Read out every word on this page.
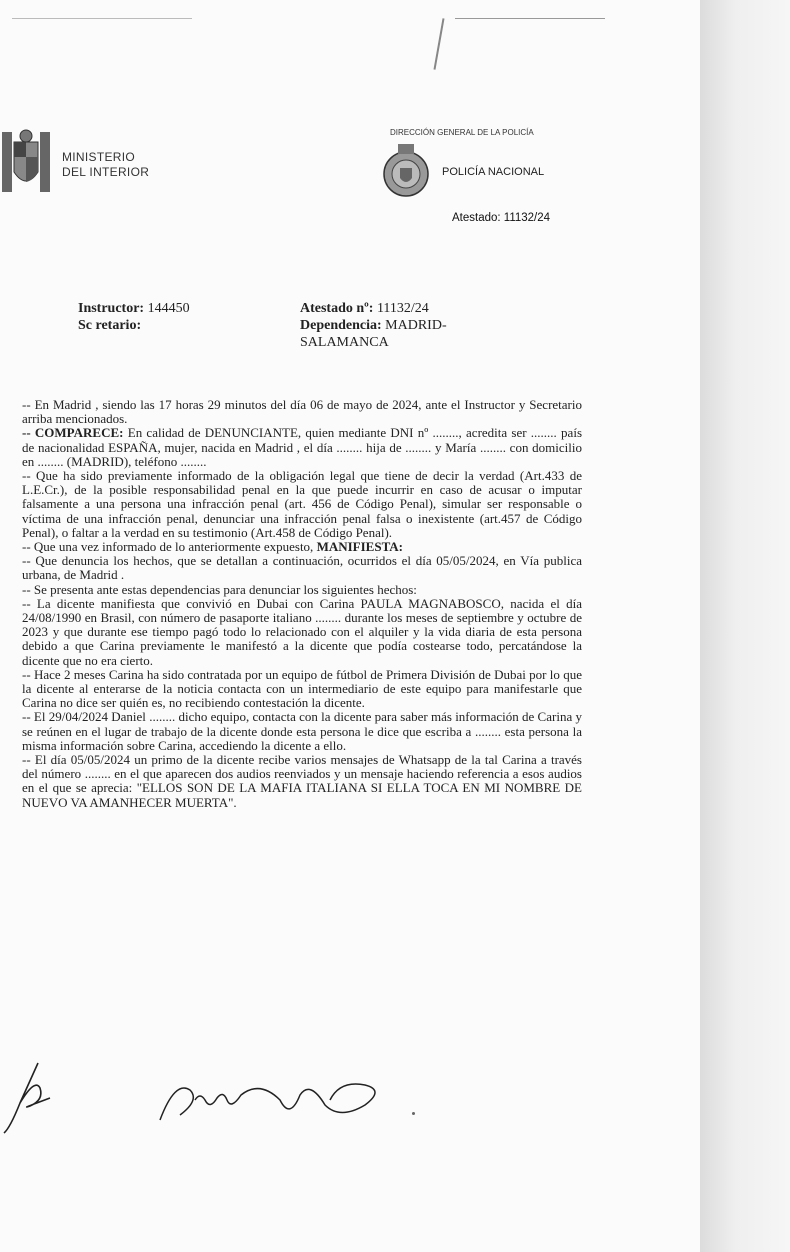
MINISTERIO
DEL INTERIOR
DIRECCIÓN GENERAL DE LA POLICÍA
POLICÍA NACIONAL
Atestado: 11132/24
Instructor: 144450
Sc retario:
Atestado nº: 11132/24
Dependencia: MADRID-SALAMANCA

-- En Madrid , siendo las 17 horas 29 minutos del día 06 de mayo de 2024, ante el Instructor y Secretario arriba mencionados.

-- COMPARECE: En calidad de DENUNCIANTE, quien mediante DNI nº ........, acredita ser ........ país de nacionalidad ESPAÑA, mujer, nacida en Madrid , el día ........ hija de ........ y María ........ con domicilio en ........ (MADRID), teléfono ........

-- Que ha sido previamente informado de la obligación legal que tiene de decir la verdad (Art.433 de L.E.Cr.), de la posible responsabilidad penal en la que puede incurrir en caso de acusar o imputar falsamente a una persona una infracción penal (art. 456 de Código Penal), simular ser responsable o víctima de una infracción penal, denunciar una infracción penal falsa o inexistente (art.457 de Código Penal), o faltar a la verdad en su testimonio (Art.458 de Código Penal).

-- Que una vez informado de lo anteriormente expuesto, MANIFIESTA:

-- Que denuncia los hechos, que se detallan a continuación, ocurridos el día 05/05/2024, en Vía publica urbana, de Madrid .

-- Se presenta ante estas dependencias para denunciar los siguientes hechos:

-- La dicente manifiesta que convivió en Dubai con Carina PAULA MAGNABOSCO, nacida el día 24/08/1990 en Brasil, con número de pasaporte italiano ........ durante los meses de septiembre y octubre de 2023 y que durante ese tiempo pagó todo lo relacionado con el alquiler y la vida diaria de esta persona debido a que Carina previamente le manifestó a la dicente que podía costearse todo, percatándose la dicente que no era cierto.

-- Hace 2 meses Carina ha sido contratada por un equipo de fútbol de Primera División de Dubai por lo que la dicente al enterarse de la noticia contacta con un intermediario de este equipo para manifestarle que Carina no dice ser quién es, no recibiendo contestación la dicente.

-- El 29/04/2024 Daniel ........ dicho equipo, contacta con la dicente para saber más información de Carina y se reúnen en el lugar de trabajo de la dicente donde esta persona le dice que escriba a ........ esta persona la misma información sobre Carina, accediendo la dicente a ello.

-- El día 05/05/2024 un primo de la dicente recibe varios mensajes de Whatsapp de la tal Carina a través del número ........ en el que aparecen dos audios reenviados y un mensaje haciendo referencia a esos audios en el que se aprecia: "ELLOS SON DE LA MAFIA ITALIANA SI ELLA TOCA EN MI NOMBRE DE NUEVO VA AMANHECER MUERTA".
